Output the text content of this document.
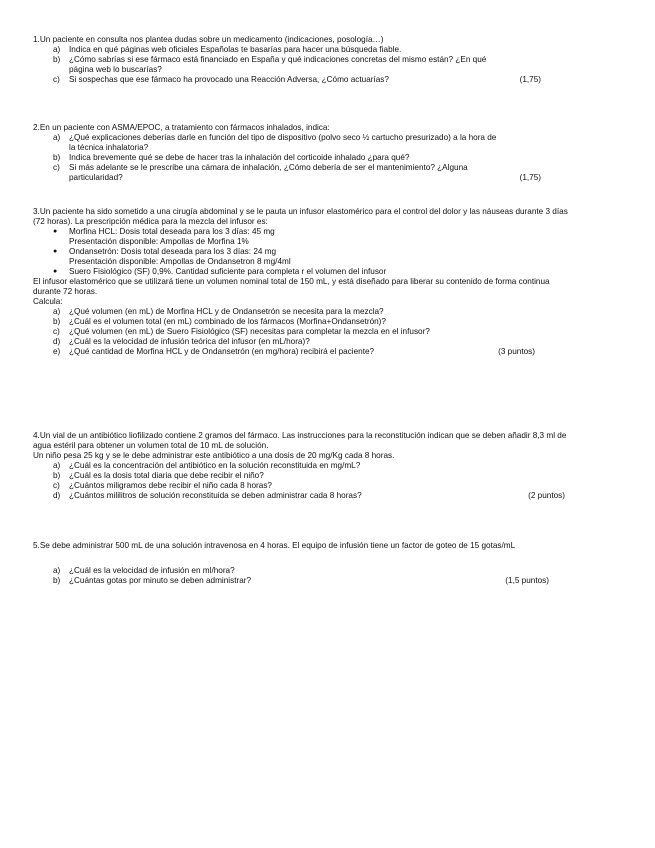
1.Un paciente en consulta nos plantea dudas sobre un medicamento (indicaciones, posología…)

a)	Indica en qué páginas web oficiales Españolas te basarías para hacer una búsqueda fiable.
b)	¿Cómo sabrías si ese fármaco está financiado en España y qué indicaciones concretas del mismo están? ¿En qué página web lo buscarías?
c)	Si sospechas que ese fármaco ha provocado una Reacción Adversa, ¿Cómo actuarías?	(1,75)

2.En un paciente con ASMA/EPOC, a tratamiento con fármacos inhalados, indica:

a)	¿Qué explicaciones deberías darle en función del tipo de dispositivo (polvo seco ½ cartucho presurizado) a la hora de la técnica inhalatoria?
b)	Indica brevemente qué se debe de hacer tras la inhalación del corticoide inhalado ¿para qué?
c)	Si más adelante se le prescribe una cámara de inhalación, ¿Cómo debería de ser el mantenimiento? ¿Alguna particularidad?	(1,75)

3.Un paciente ha sido sometido a una cirugía abdominal y se le pauta un infusor elastomérico para el control del dolor y las náuseas durante 3 días (72 horas). La prescripción médica para la mezcla del infusor es:

●	Morfina HCL: Dosis total deseada para los 3 días: 45 mg
Presentación disponible: Ampollas de Morfina 1%
●	Ondansetrón: Dosis total deseada para los 3 días: 24 mg
Presentación disponible: Ampollas de Ondansetron 8 mg/4ml
●	Suero Fisiológico (SF) 0,9%. Cantidad suficiente para completa r el volumen del infusor

El infusor elastomérico que se utilizará tiene un volumen nominal total de 150 mL, y está diseñado para liberar su contenido de forma continua durante 72 horas.

Calcula:

a)	¿Qué volumen (en mL) de Morfina HCL y de Ondansetrón se necesita para la mezcla?
b)	¿Cuál es el volumen total (en mL) combinado de los fármacos (Morfina+Ondansetrón)?
c)	¿Qué volumen (en mL) de Suero Fisiológico (SF) necesitas para completar la mezcla en el infusor?
d)	¿Cuál es la velocidad de infusión teórica del infusor (en mL/hora)?
e)	¿Qué cantidad de Morfina HCL y de Ondansetrón (en mg/hora) recibirá el paciente?	(3 puntos)

4.Un vial de un antibiótico liofilizado contiene 2 gramos del fármaco. Las instrucciones para la reconstitución indican que se deben añadir 8,3 ml de agua estéril para obtener un volumen total de 10 mL de solución.

Un niño pesa 25 kg y se le debe administrar este antibiótico a una dosis de 20 mg/Kg cada 8 horas.

a)	¿Cuál es la concentración del antibiótico en la solución reconstituida en mg/mL?
b)	¿Cuál es la dosis total diaria que debe recibir el niño?
c)	¿Cuántos miligramos debe recibir el niño cada 8 horas?
d)	¿Cuántos mililitros de solución reconstituida se deben administrar cada 8 horas?	(2 puntos)

5.Se debe administrar 500 mL de una solución intravenosa en 4 horas. El equipo de infusión tiene un factor de goteo de 15 gotas/mL

a)	¿Cuál es la velocidad de infusión en ml/hora?
b)	¿Cuántas gotas por minuto se deben administrar?	(1,5 puntos)
